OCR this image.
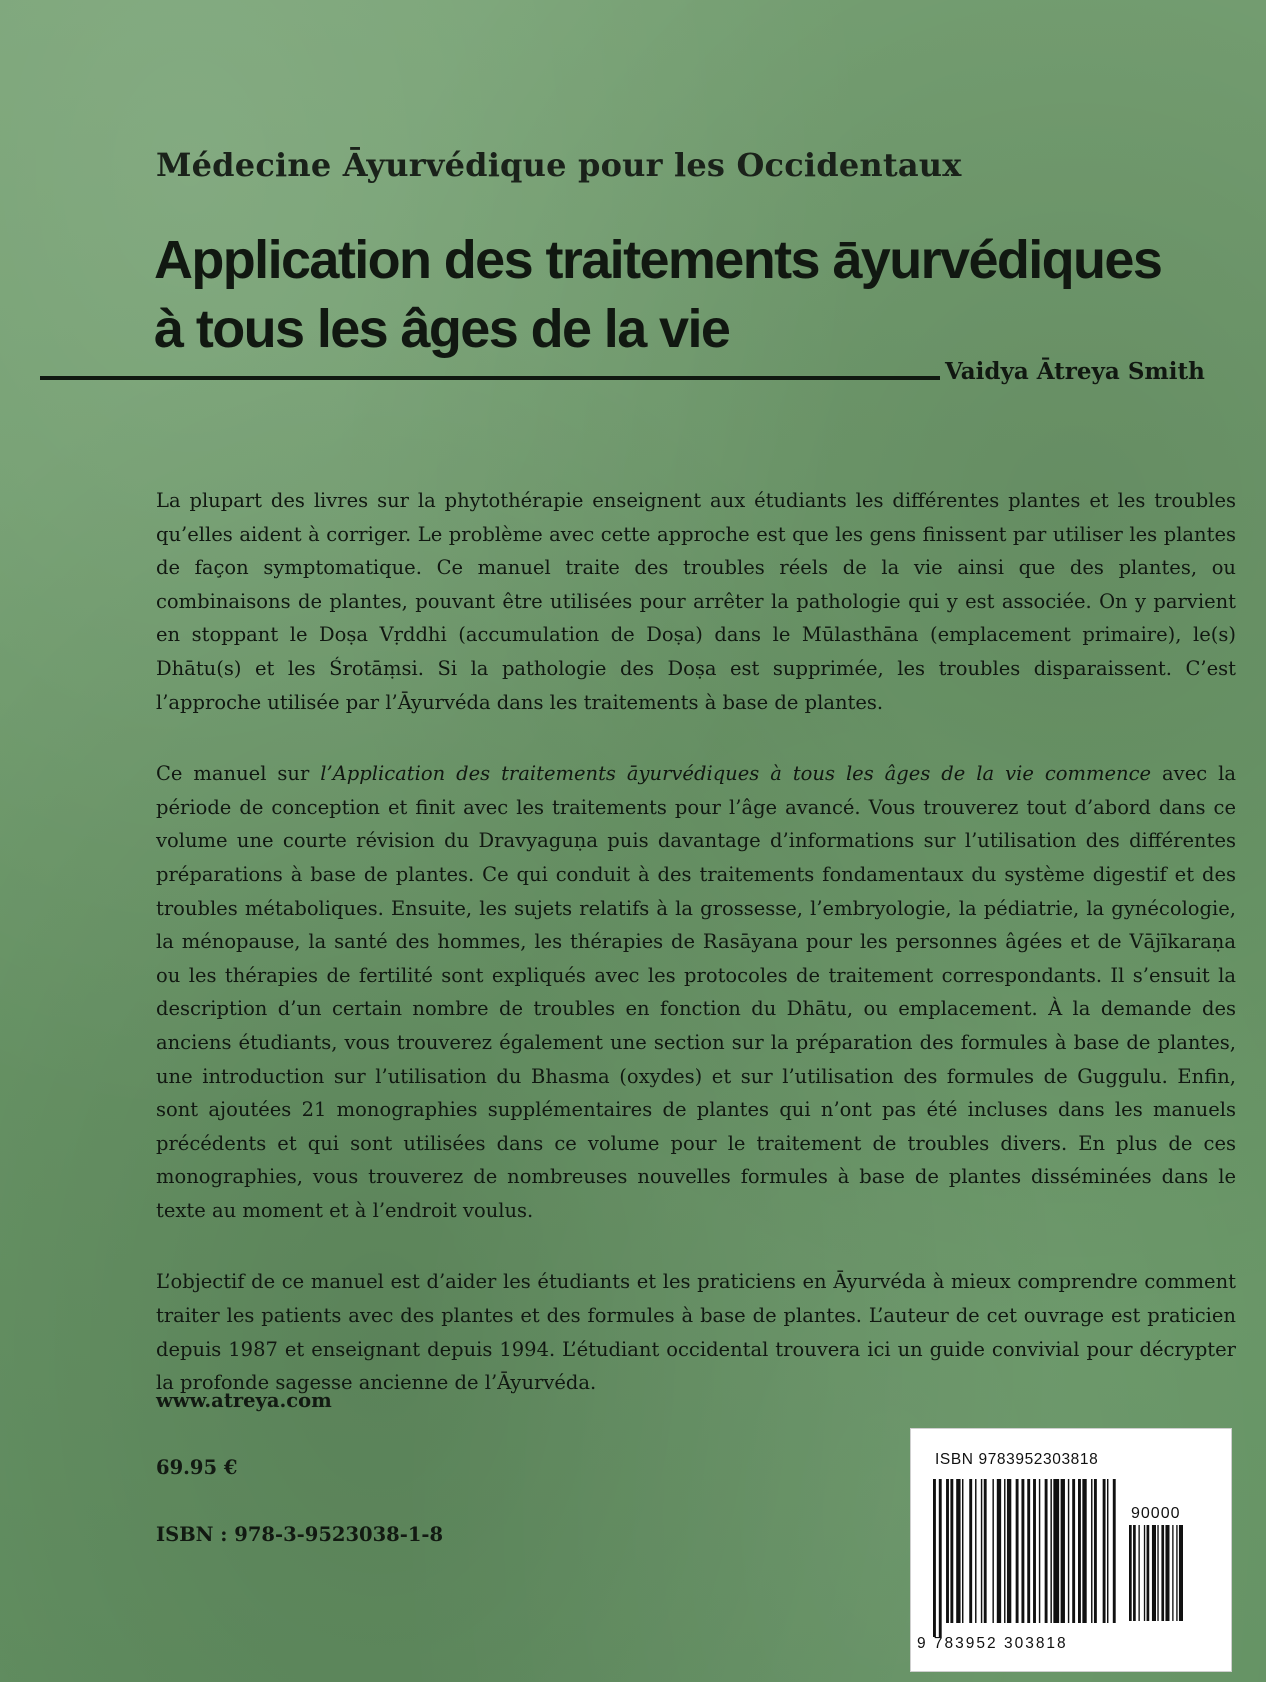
Médecine Āyurvédique pour les Occidentaux
Application des traitements āyurvédiques
à tous les âges de la vie
Vaidya Ātreya Smith

La plupart des livres sur la phytothérapie enseignent aux étudiants les différentes plantes et les troubles qu’elles aident à corriger. Le problème avec cette approche est que les gens finissent par utiliser les plantes de façon symptomatique. Ce manuel traite des troubles réels de la vie ainsi que des plantes, ou combinaisons de plantes, pouvant être utilisées pour arrêter la pathologie qui y est associée. On y parvient en stoppant le Doṣa Vṛddhi (accumulation de Doṣa) dans le Mūlasthāna (emplacement primaire), le(s) Dhātu(s) et les Śrotāṃsi. Si la pathologie des Doṣa est supprimée, les troubles disparaissent. C’est l’approche utilisée par l’Āyurvéda dans les traitements à base de plantes.

Ce manuel sur l’Application des traitements āyurvédiques à tous les âges de la vie commence avec la période de conception et finit avec les traitements pour l’âge avancé. Vous trouverez tout d’abord dans ce volume une courte révision du Dravyaguṇa puis davantage d’informations sur l’utilisation des différentes préparations à base de plantes. Ce qui conduit à des traitements fondamentaux du système digestif et des troubles métaboliques. Ensuite, les sujets relatifs à la grossesse, l’embryologie, la pédiatrie, la gynécologie, la ménopause, la santé des hommes, les thérapies de Rasāyana pour les personnes âgées et de Vājīkaraṇa ou les thérapies de fertilité sont expliqués avec les protocoles de traitement correspondants. Il s’ensuit la description d’un certain nombre de troubles en fonction du Dhātu, ou emplacement. À la demande des anciens étudiants, vous trouverez également une section sur la préparation des formules à base de plantes, une introduction sur l’utilisation du Bhasma (oxydes) et sur l’utilisation des formules de Guggulu. Enfin, sont ajoutées 21 monographies supplémentaires de plantes qui n’ont pas été incluses dans les manuels précédents et qui sont utilisées dans ce volume pour le traitement de troubles divers. En plus de ces monographies, vous trouverez de nombreuses nouvelles formules à base de plantes disséminées dans le texte au moment et à l’endroit voulus.

L’objectif de ce manuel est d’aider les étudiants et les praticiens en Āyurvéda à mieux comprendre comment traiter les patients avec des plantes et des formules à base de plantes. L’auteur de cet ouvrage est praticien depuis 1987 et enseignant depuis 1994. L’étudiant occidental trouvera ici un guide convivial pour décrypter la profonde sagesse ancienne de l’Āyurvéda.

www.atreya.com
69.95 €
ISBN : 978-3-9523038-1-8
ISBN 9783952303818
90000
9 783952 303818
